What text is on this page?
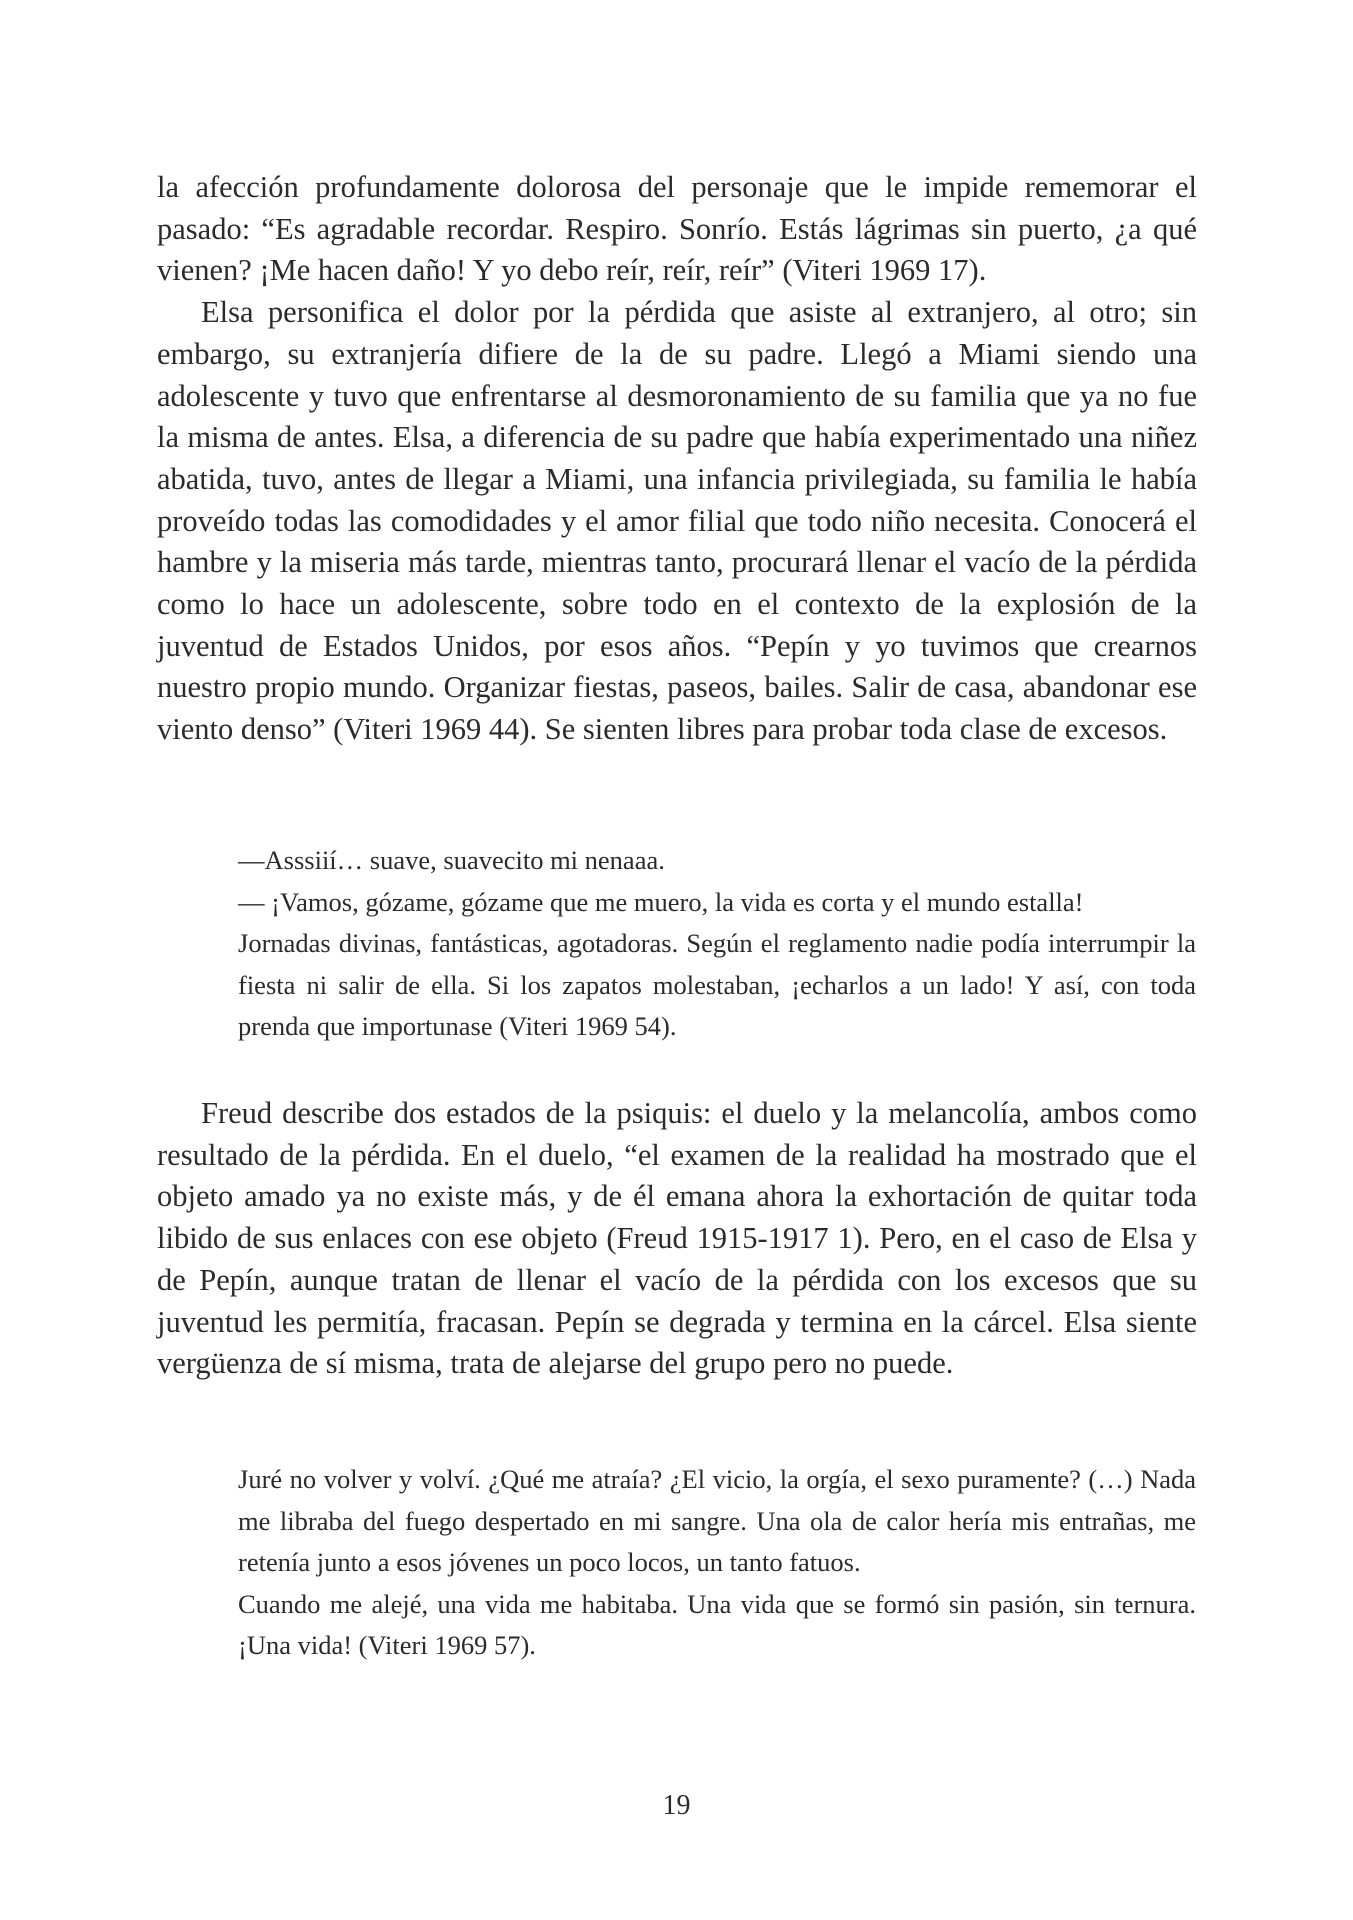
la afección profundamente dolorosa del personaje que le impide rememorar el pasado: “Es agradable recordar. Respiro. Sonrío. Estás lágrimas sin puerto, ¿a qué vienen? ¡Me hacen daño! Y yo debo reír, reír, reír” (Viteri 1969 17).

Elsa personifica el dolor por la pérdida que asiste al extranjero, al otro; sin embargo, su extranjería difiere de la de su padre. Llegó a Miami siendo una adolescente y tuvo que enfrentarse al desmoronamiento de su familia que ya no fue la misma de antes. Elsa, a diferencia de su padre que había experimentado una niñez abatida, tuvo, antes de llegar a Miami, una infancia privilegiada, su familia le había proveído todas las comodidades y el amor filial que todo niño necesita. Conocerá el hambre y la miseria más tarde, mientras tanto, procurará llenar el vacío de la pérdida como lo hace un adolescente, sobre todo en el contexto de la explosión de la juventud de Estados Unidos, por esos años. “Pepín y yo tuvimos que crearnos nuestro propio mundo. Organizar fiestas, paseos, bailes. Salir de casa, abandonar ese viento denso” (Viteri 1969 44). Se sienten libres para probar toda clase de excesos.

—Asssiií… suave, suavecito mi nenaaa.

— ¡Vamos, gózame, gózame que me muero, la vida es corta y el mundo estalla!

Jornadas divinas, fantásticas, agotadoras. Según el reglamento nadie podía interrumpir la fiesta ni salir de ella. Si los zapatos molestaban, ¡echarlos a un lado! Y así, con toda prenda que importunase (Viteri 1969 54).

Freud describe dos estados de la psiquis: el duelo y la melancolía, ambos como resultado de la pérdida. En el duelo, “el examen de la realidad ha mostrado que el objeto amado ya no existe más, y de él emana ahora la exhortación de quitar toda libido de sus enlaces con ese objeto (Freud 1915-1917 1). Pero, en el caso de Elsa y de Pepín, aunque tratan de llenar el vacío de la pérdida con los excesos que su juventud les permitía, fracasan. Pepín se degrada y termina en la cárcel. Elsa siente vergüenza de sí misma, trata de alejarse del grupo pero no puede.

Juré no volver y volví. ¿Qué me atraía? ¿El vicio, la orgía, el sexo puramente? (…) Nada me libraba del fuego despertado en mi sangre. Una ola de calor hería mis entrañas, me retenía junto a esos jóvenes un poco locos, un tanto fatuos.

Cuando me alejé, una vida me habitaba. Una vida que se formó sin pasión, sin ternura. ¡Una vida! (Viteri 1969 57).

19
